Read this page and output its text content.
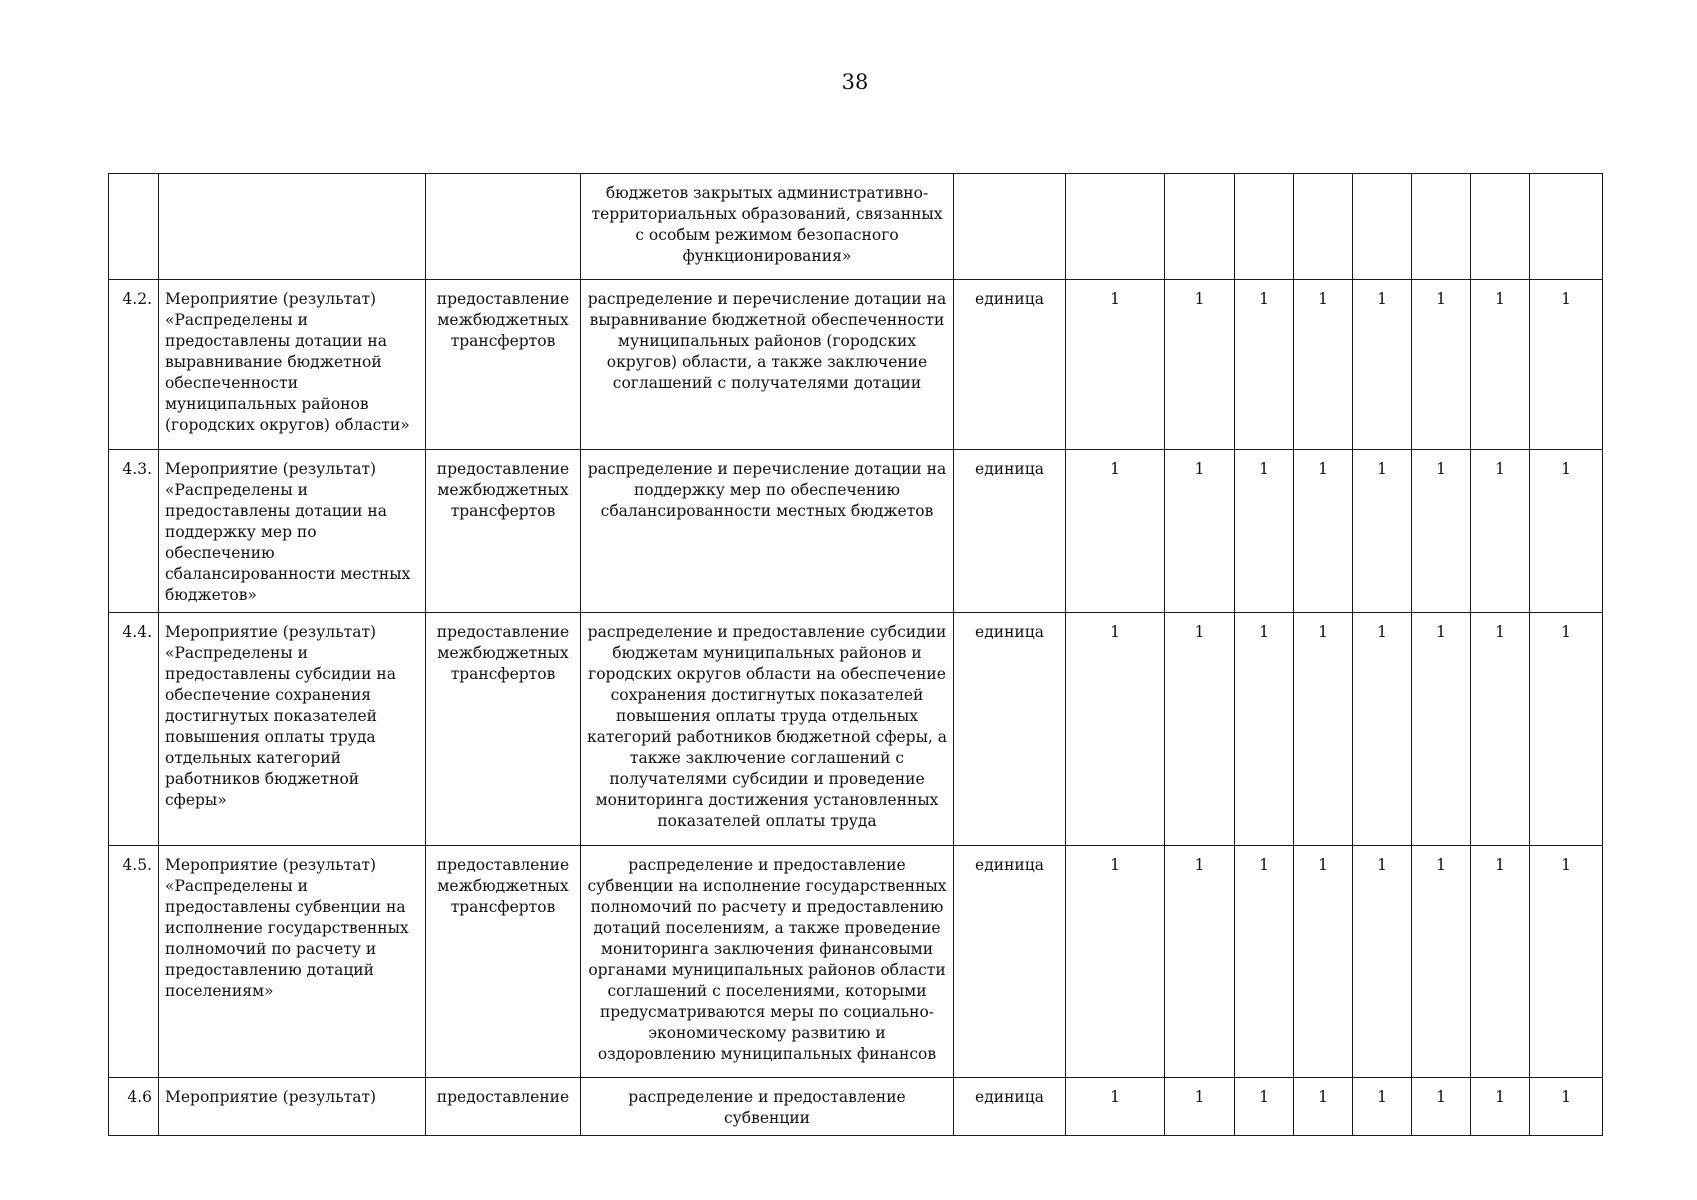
38
			бюджетов закрытых административно-территориальных образований, связанных с особым режимом безопасного функционирования»									
4.2.	Мероприятие (результат) «Распределены и предоставлены дотации на выравнивание бюджетной обеспеченности муниципальных районов (городских округов) области»	предоставление межбюджетных трансфертов	распределение и перечисление дотации на выравнивание бюджетной обеспеченности муниципальных районов (городских округов) области, а также заключение соглашений с получателями дотации	единица	1	1	1	1	1	1	1	1
4.3.	Мероприятие (результат) «Распределены и предоставлены дотации на поддержку мер по обеспечению сбалансированности местных бюджетов»	предоставление межбюджетных трансфертов	распределение и перечисление дотации на поддержку мер по обеспечению сбалансированности местных бюджетов	единица	1	1	1	1	1	1	1	1
4.4.	Мероприятие (результат) «Распределены и предоставлены субсидии на обеспечение сохранения достигнутых показателей повышения оплаты труда отдельных категорий работников бюджетной сферы»	предоставление межбюджетных трансфертов	распределение и предоставление субсидии бюджетам муниципальных районов и городских округов области на обеспечение сохранения достигнутых показателей повышения оплаты труда отдельных категорий работников бюджетной сферы, а также заключение соглашений с получателями субсидии и проведение мониторинга достижения установленных показателей оплаты труда	единица	1	1	1	1	1	1	1	1
4.5.	Мероприятие (результат) «Распределены и предоставлены субвенции на исполнение государственных полномочий по расчету и предоставлению дотаций поселениям»	предоставление межбюджетных трансфертов	распределение и предоставление субвенции на исполнение государственных полномочий по расчету и предоставлению дотаций поселениям, а также проведение мониторинга заключения финансовыми органами муниципальных районов области соглашений с поселениями, которыми предусматриваются меры по социально-экономическому развитию и оздоровлению муниципальных финансов	единица	1	1	1	1	1	1	1	1
4.6	Мероприятие (результат)	предоставление	распределение и предоставление субвенции	единица	1	1	1	1	1	1	1	1
